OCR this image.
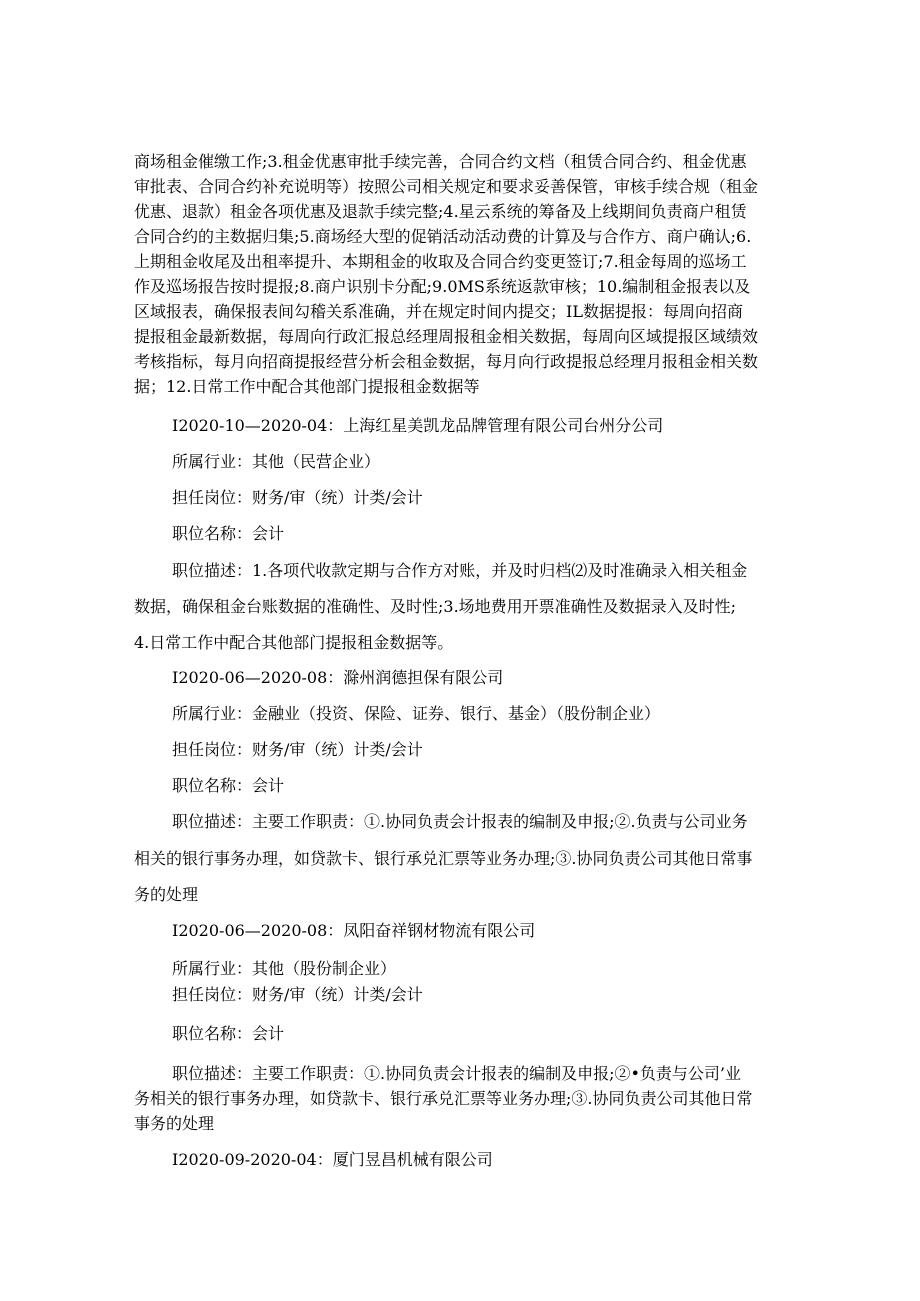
商场租金催缴工作;3.租金优惠审批手续完善，合同合约文档（租赁合同合约、租金优惠

审批表、合同合约补充说明等）按照公司相关规定和要求妥善保管，审核手续合规（租金

优惠、退款）租金各项优惠及退款手续完整;4.星云系统的筹备及上线期间负责商户租赁

合同合约的主数据归集;5.商场经大型的促销活动活动费的计算及与合作方、商户确认;6.

上期租金收尾及出租率提升、本期租金的收取及合同合约变更签订;7.租金每周的巡场工

作及巡场报告按时提报;8.商户识别卡分配;9.0MS系统返款审核；10.编制租金报表以及

区域报表，确保报表间勾稽关系准确，并在规定时间内提交；IL数据提报：每周向招商

提报租金最新数据，每周向行政汇报总经理周报租金相关数据，每周向区域提报区域绩效

考核指标，每月向招商提报经营分析会租金数据，每月向行政提报总经理月报租金相关数

据；12.日常工作中配合其他部门提报租金数据等

I2020-10—2020-04：上海红星美凯龙品牌管理有限公司台州分公司

所属行业：其他（民营企业）

担任岗位：财务/审（统）计类/会计

职位名称：会计

职位描述：1.各项代收款定期与合作方对账，并及时归档⑵及时准确录入相关租金

数据，确保租金台账数据的准确性、及时性;3.场地费用开票准确性及数据录入及时性;

4.日常工作中配合其他部门提报租金数据等。

I2020-06—2020-08：滁州润德担保有限公司

所属行业：金融业（投资、保险、证券、银行、基金）（股份制企业）

担任岗位：财务/审（统）计类/会计

职位名称：会计

职位描述：主要工作职责：①.协同负责会计报表的编制及申报;②.负责与公司业务

相关的银行事务办理，如贷款卡、银行承兑汇票等业务办理;③.协同负责公司其他日常事

务的处理

I2020-06—2020-08：凤阳奋祥钢材物流有限公司

所属行业：其他（股份制企业）

担任岗位：财务/审（统）计类/会计

职位名称：会计

职位描述：主要工作职责：①.协同负责会计报表的编制及申报;②•负责与公司’业

务相关的银行事务办理，如贷款卡、银行承兑汇票等业务办理;③.协同负责公司其他日常

事务的处理

I2020-09-2020-04：厦门昱昌机械有限公司
